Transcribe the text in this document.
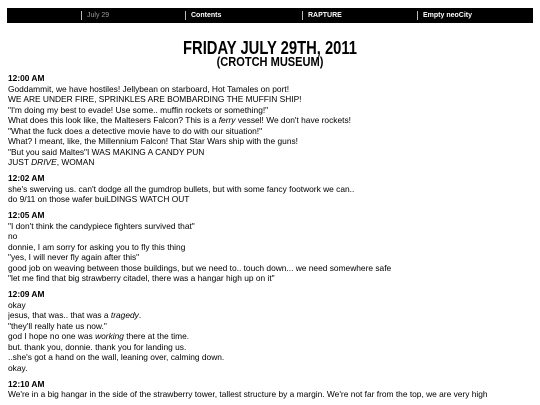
July 29	Contents	RAPTURE	Empty neoCity
FRIDAY JULY 29TH, 2011
(CROTCH MUSEUM)
12:00 AM
Goddammit, we have hostiles! Jellybean on starboard, Hot Tamales on port!
WE ARE UNDER FIRE, SPRINKLES ARE BOMBARDING THE MUFFIN SHIP!
"I'm doing my best to evade! Use some.. muffin rockets or something!"
What does this look like, the Maltesers Falcon? This is a ferry vessel! We don't have rockets!
"What the fuck does a detective movie have to do with our situation!"
What? I meant, like, the Millennium Falcon! That Star Wars ship with the guns!
"But you said Maltes"I WAS MAKING A CANDY PUN
JUST DRIVE, WOMAN
12:02 AM
she's swerving us. can't dodge all the gumdrop bullets, but with some fancy footwork we can..
do 9/11 on those wafer buiLDINGS WATCH OUT
12:05 AM
"I don't think the candypiece fighters survived that"
no
donnie, I am sorry for asking you to fly this thing
"yes, I will never fly again after this"
good job on weaving between those buildings, but we need to.. touch down... we need somewhere safe
"let me find that big strawberry citadel, there was a hangar high up on it"
12:09 AM
okay
jesus, that was.. that was a tragedy.
"they'll really hate us now."
god I hope no one was working there at the time.
but. thank you, donnie. thank you for landing us.
..she's got a hand on the wall, leaning over, calming down.
okay.
12:10 AM
We're in a big hangar in the side of the strawberry tower, tallest structure by a margin. We're not far from the top, we are very high
